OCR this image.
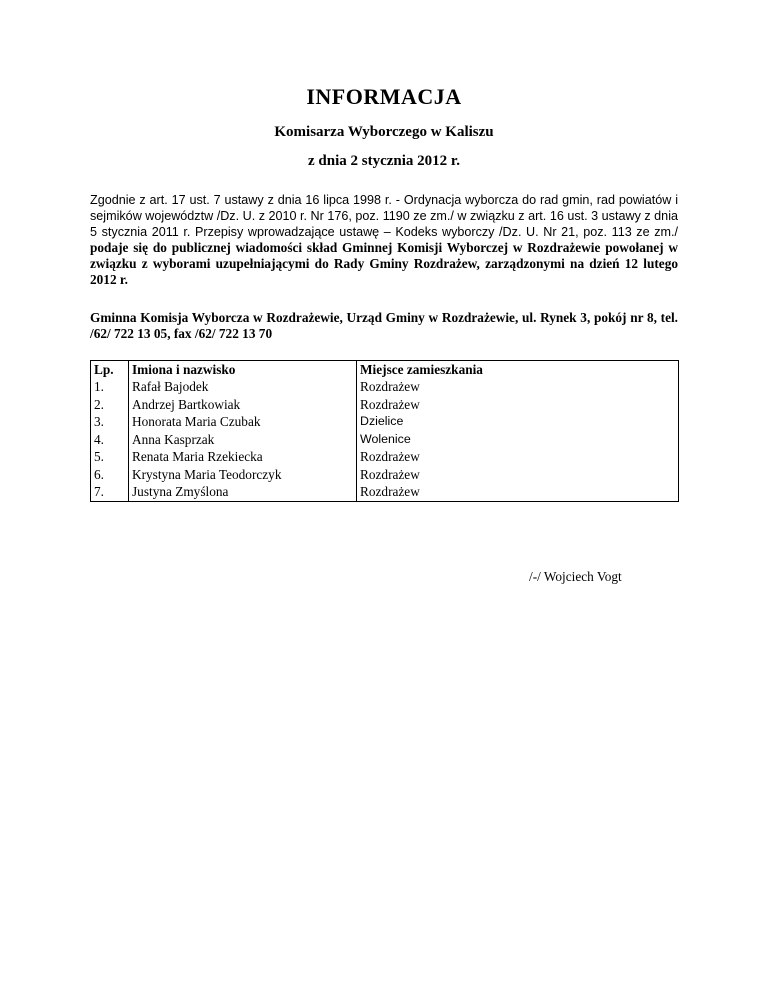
INFORMACJA
Komisarza Wyborczego w Kaliszu
z dnia 2 stycznia 2012 r.
Zgodnie z art. 17 ust. 7 ustawy z dnia 16 lipca 1998 r. - Ordynacja wyborcza do rad gmin, rad powiatów i sejmików województw /Dz. U. z 2010 r. Nr 176, poz. 1190 ze zm./ w związku z art. 16 ust. 3 ustawy z dnia 5 stycznia 2011 r. Przepisy wprowadzające ustawę – Kodeks wyborczy /Dz. U. Nr 21, poz. 113 ze zm./ podaje się do publicznej wiadomości skład Gminnej Komisji Wyborczej w Rozdrażewie powołanej w związku z wyborami uzupełniającymi do Rady Gminy Rozdrażew, zarządzonymi na dzień 12 lutego 2012 r.
Gminna Komisja Wyborcza w Rozdrażewie, Urząd Gminy w Rozdrażewie, ul. Rynek 3, pokój nr 8, tel. /62/ 722 13 05, fax /62/ 722 13 70
Lp.	Imiona i nazwisko	Miejsce zamieszkania
1.	Rafał Bajodek	Rozdrażew
2.	Andrzej Bartkowiak	Rozdrażew
3.	Honorata Maria Czubak	Dzielice
4.	Anna Kasprzak	Wolenice
5.	Renata Maria Rzekiecka	Rozdrażew
6.	Krystyna Maria Teodorczyk	Rozdrażew
7.	Justyna Zmyślona	Rozdrażew
/-/ Wojciech Vogt
